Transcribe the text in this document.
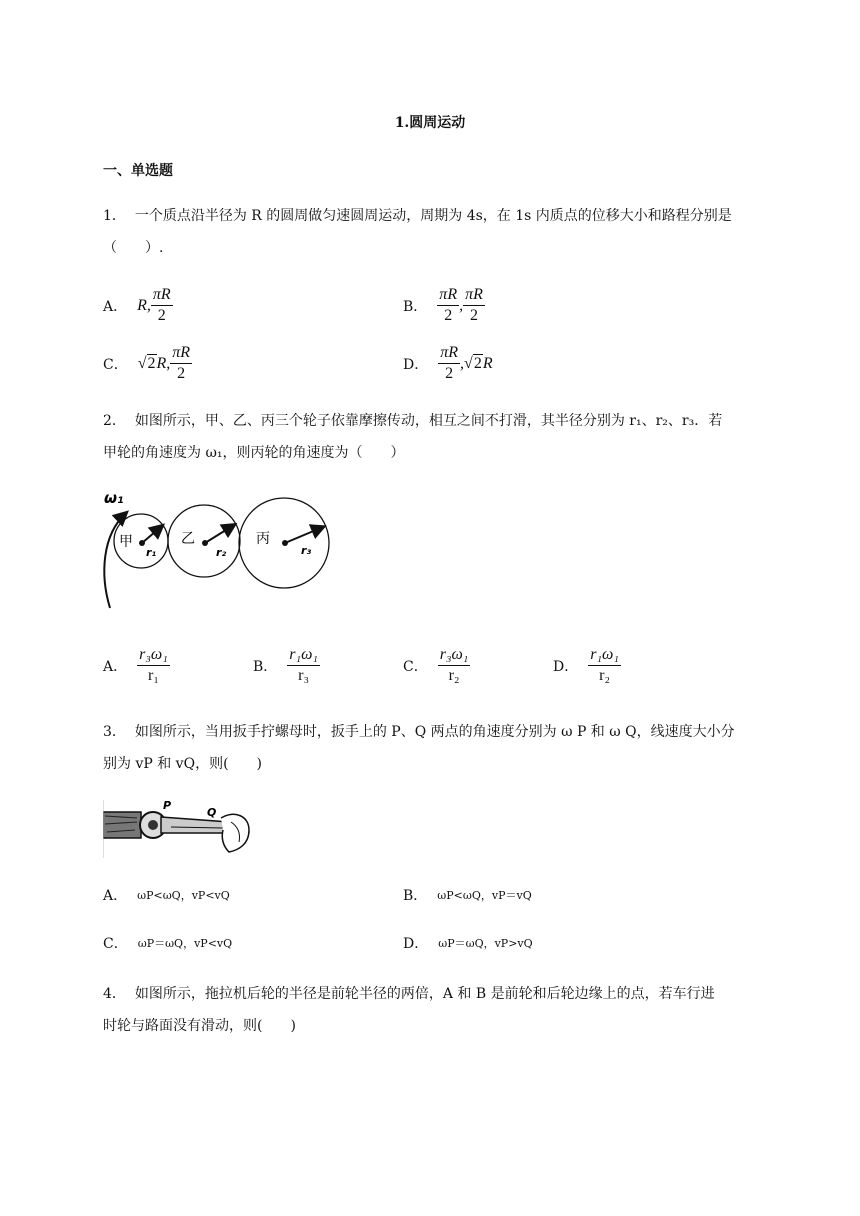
1.圆周运动
一、单选题
1． 一个质点沿半径为 R 的圆周做匀速圆周运动，周期为 4s，在 1s 内质点的位移大小和路程分别是
（　　）.
A． R, $\frac{\pi R}{2}$	B． $\frac{\pi R}{2}$ , $\frac{\pi R}{2}$
C． √ 2 R, $\frac{\pi R}{2}$	D． $\frac{\pi R}{2}$ , √ 2 R
2． 如图所示，甲、乙、丙三个轮子依靠摩擦传动，相互之间不打滑，其半径分别为 r₁、r₂、r₃．若
甲轮的角速度为 ω₁，则丙轮的角速度为（　　）
ω₁
甲	乙	丙
r₁	r₂	r₃
A． $\frac{\text{r₃ω₁}}{\text{r₁}}$	B． $\frac{\text{r₁ω₁}}{\text{r₃}}$	C． $\frac{\text{r₃ω₁}}{\text{r₂}}$	D． $\frac{\text{r₁ω₁}}{\text{r₂}}$
3． 如图所示，当用扳手拧螺母时，扳手上的 P、Q 两点的角速度分别为 ω P 和 ω Q，线速度大小分
别为 vP 和 vQ，则(　　)
P
Q
A． ωP<ωQ，vP<vQ	B． ωP<ωQ，vP＝vQ
C． ωP＝ωQ，vP<vQ	D． ωP＝ωQ，vP>vQ
4． 如图所示，拖拉机后轮的半径是前轮半径的两倍，A 和 B 是前轮和后轮边缘上的点，若车行进
时轮与路面没有滑动，则(　　)
